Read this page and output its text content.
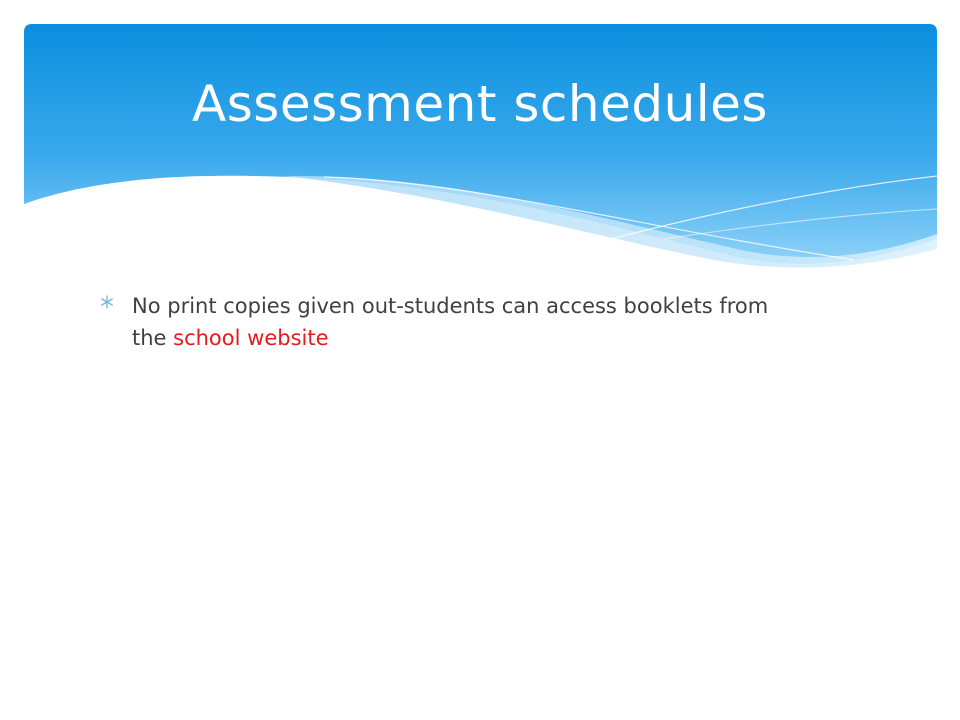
Assessment schedules
No print copies given out-students can access booklets from the school website
